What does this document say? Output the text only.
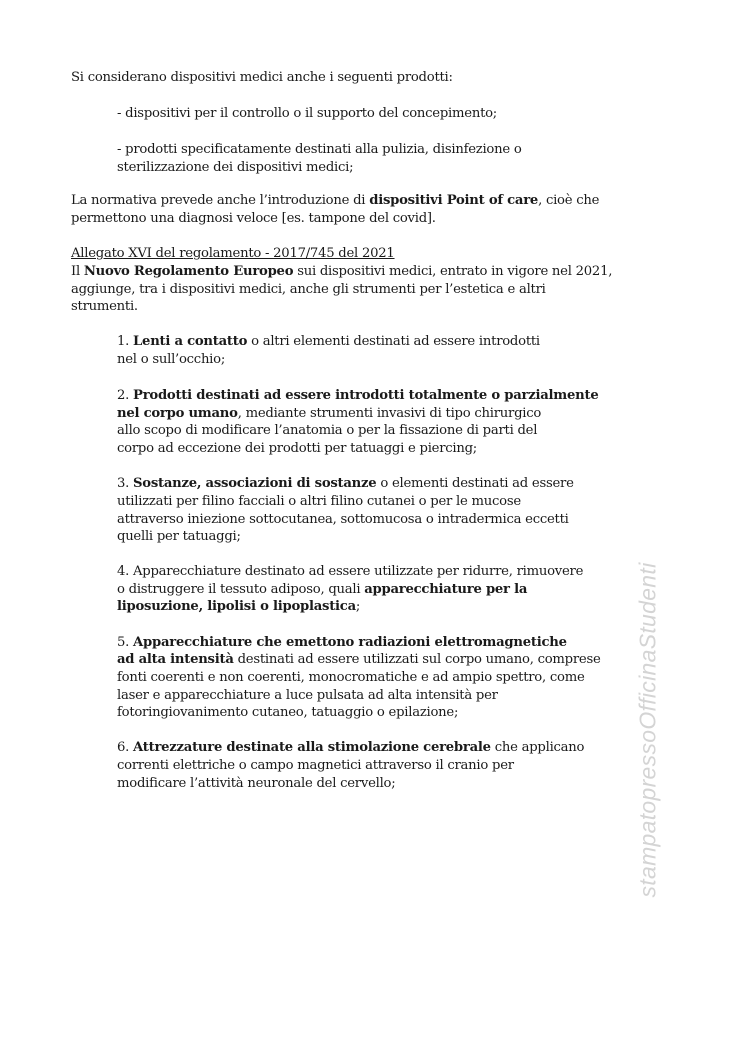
Si considerano dispositivi medici anche i seguenti prodotti:
- dispositivi per il controllo o il supporto del concepimento;
- prodotti specificatamente destinati alla pulizia, disinfezione o
sterilizzazione dei dispositivi medici;
La normativa prevede anche l’introduzione di dispositivi Point of care, cioè che
permettono una diagnosi veloce [es. tampone del covid].
Allegato XVI del regolamento - 2017/745 del 2021
Il Nuovo Regolamento Europeo sui dispositivi medici, entrato in vigore nel 2021,
aggiunge, tra i dispositivi medici, anche gli strumenti per l’estetica e altri
strumenti.
1. Lenti a contatto o altri elementi destinati ad essere introdotti
nel o sull’occhio;
2. Prodotti destinati ad essere introdotti totalmente o parzialmente
nel corpo umano, mediante strumenti invasivi di tipo chirurgico
allo scopo di modificare l’anatomia o per la fissazione di parti del
corpo ad eccezione dei prodotti per tatuaggi e piercing;
3. Sostanze, associazioni di sostanze o elementi destinati ad essere
utilizzati per filino facciali o altri filino cutanei o per le mucose
attraverso iniezione sottocutanea, sottomucosa o intradermica eccetti
quelli per tatuaggi;
4. Apparecchiature destinato ad essere utilizzate per ridurre, rimuovere
o distruggere il tessuto adiposo, quali apparecchiature per la
liposuzione, lipolisi o lipoplastica;
5. Apparecchiature che emettono radiazioni elettromagnetiche
ad alta intensità destinati ad essere utilizzati sul corpo umano, comprese
fonti coerenti e non coerenti, monocromatiche e ad ampio spettro, come
laser e apparecchiature a luce pulsata ad alta intensità per
fotoringiovanimento cutaneo, tatuaggio o epilazione;
6. Attrezzature destinate alla stimolazione cerebrale che applicano
correnti elettriche o campo magnetici attraverso il cranio per
modificare l’attività neuronale del cervello;	stampatopressoOfficinaStudenti
